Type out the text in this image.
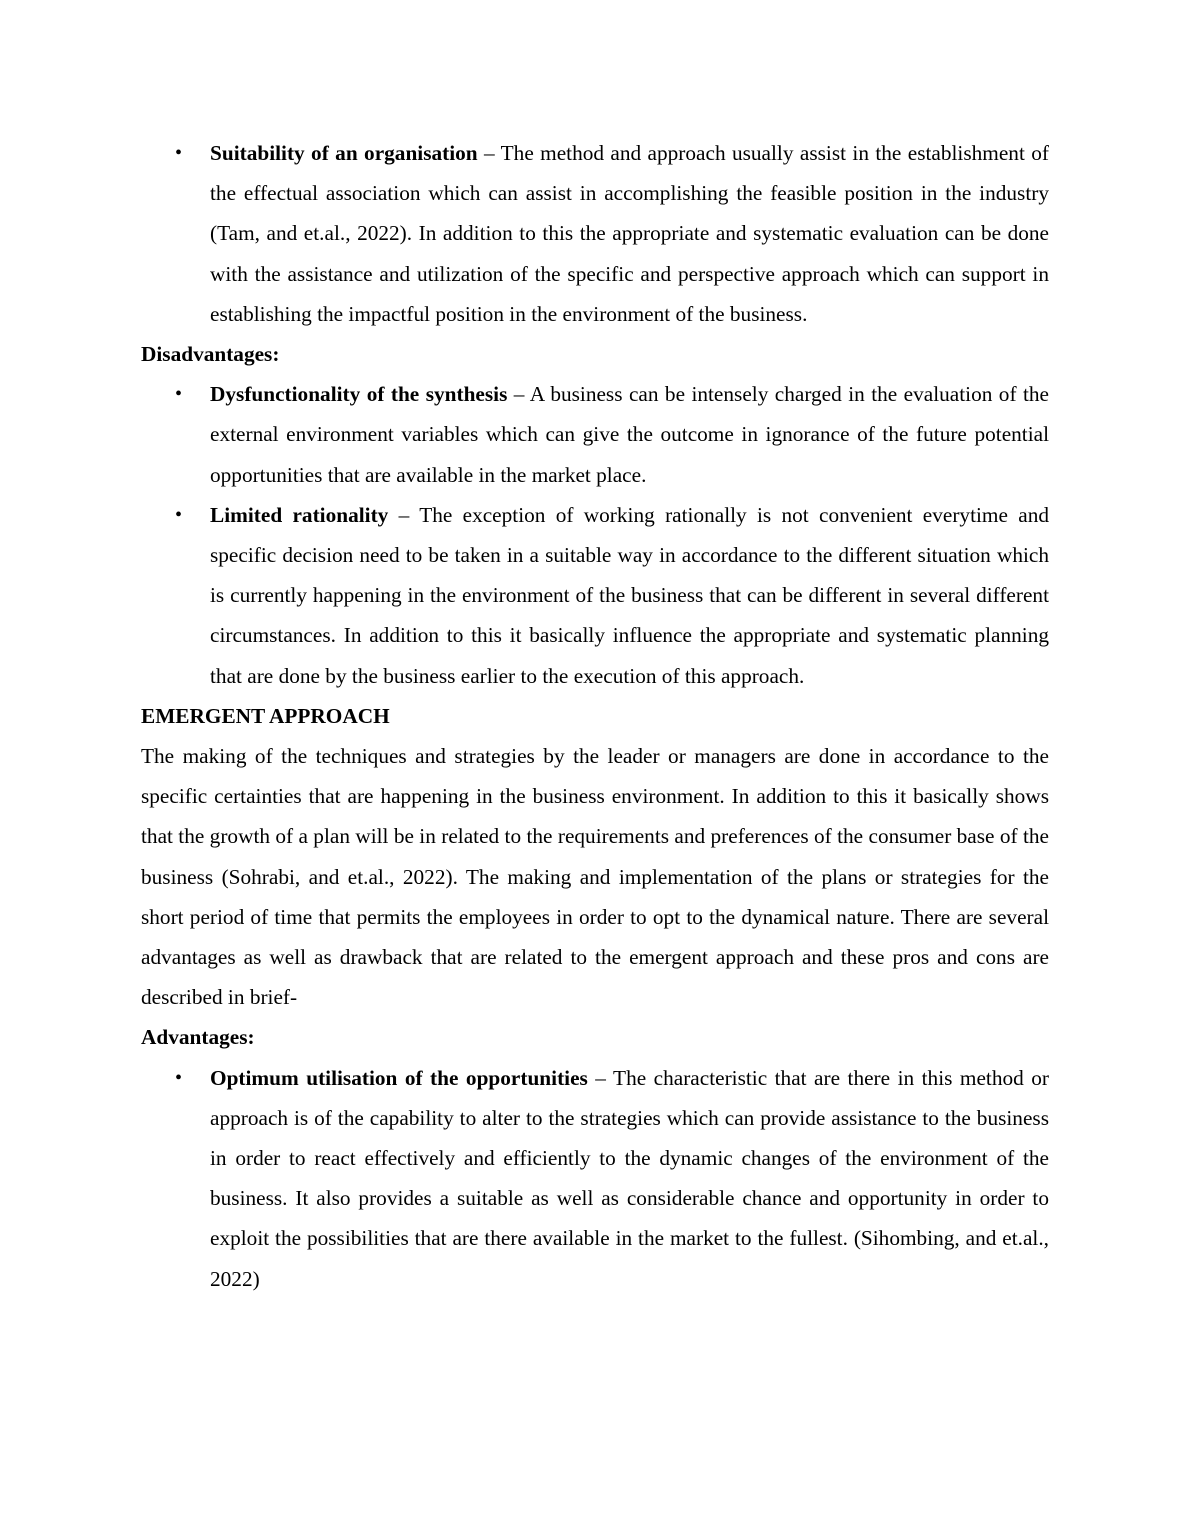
• Suitability of an organisation – The method and approach usually assist in the establishment of the effectual association which can assist in accomplishing the feasible position in the industry (Tam, and et.al., 2022). In addition to this the appropriate and systematic evaluation can be done with the assistance and utilization of the specific and perspective approach which can support in establishing the impactful position in the environment of the business.

Disadvantages:

• Dysfunctionality of the synthesis – A business can be intensely charged in the evaluation of the external environment variables which can give the outcome in ignorance of the future potential opportunities that are available in the market place.
• Limited rationality – The exception of working rationally is not convenient everytime and specific decision need to be taken in a suitable way in accordance to the different situation which is currently happening in the environment of the business that can be different in several different circumstances. In addition to this it basically influence the appropriate and systematic planning that are done by the business earlier to the execution of this approach.

EMERGENT APPROACH

The making of the techniques and strategies by the leader or managers are done in accordance to the specific certainties that are happening in the business environment. In addition to this it basically shows that the growth of a plan will be in related to the requirements and preferences of the consumer base of the business (Sohrabi, and et.al., 2022). The making and implementation of the plans or strategies for the short period of time that permits the employees in order to opt to the dynamical nature. There are several advantages as well as drawback that are related to the emergent approach and these pros and cons are described in brief-

Advantages:

• Optimum utilisation of the opportunities – The characteristic that are there in this method or approach is of the capability to alter to the strategies which can provide assistance to the business in order to react effectively and efficiently to the dynamic changes of the environment of the business. It also provides a suitable as well as considerable chance and opportunity in order to exploit the possibilities that are there available in the market to the fullest. (Sihombing, and et.al., 2022)
